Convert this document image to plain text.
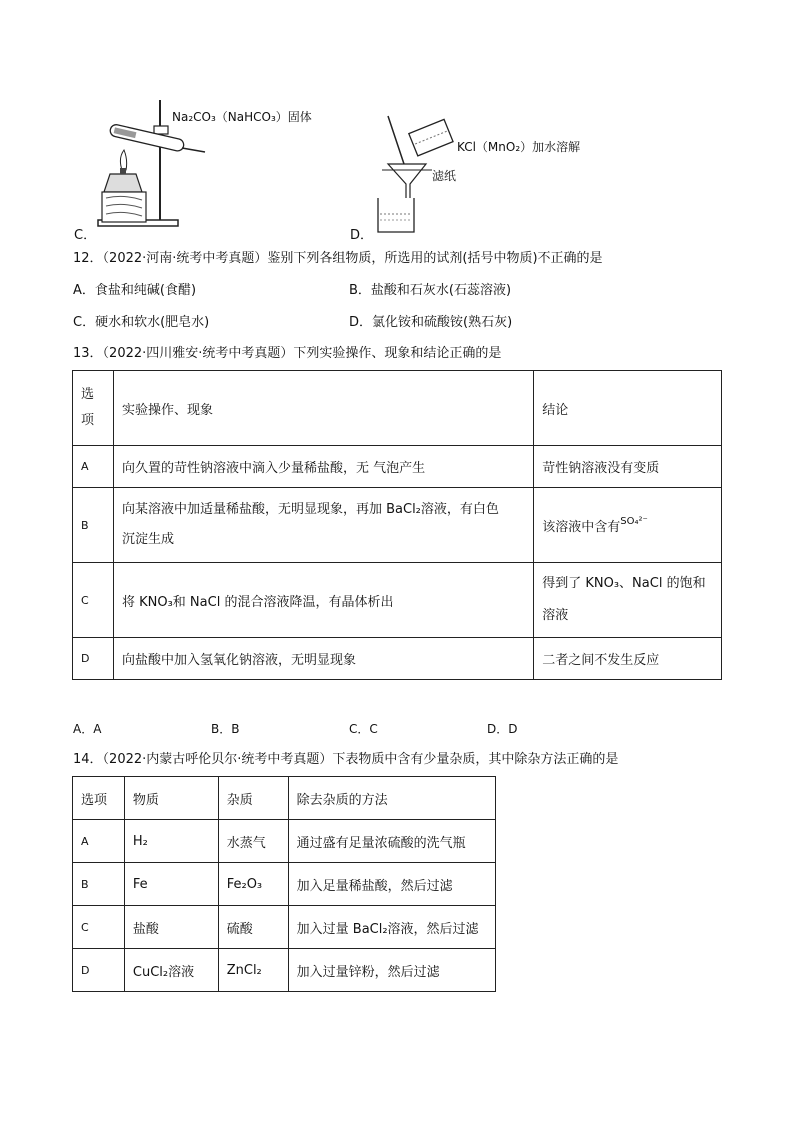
Na₂CO₃（NaHCO₃）固体
C．
KCl（MnO₂）加水溶解
滤纸
D．
12．（2022·河南·统考中考真题）鉴别下列各组物质，所选用的试剂(括号中物质)不正确的是
A．食盐和纯碱(食醋)	B．盐酸和石灰水(石蕊溶液)
C．硬水和软水(肥皂水)	D．氯化铵和硫酸铵(熟石灰)
13．（2022·四川雅安·统考中考真题）下列实验操作、现象和结论正确的是
选
项	实验操作、现象	结论
A	向久置的苛性钠溶液中滴入少量稀盐酸，无 气泡产生	苛性钠溶液没有变质
B	向某溶液中加适量稀盐酸，无明显现象，再加 BaCl₂溶液，有白色
沉淀生成	该溶液中含有$^{SO_4^{2-}}$
C	将 KNO₃和 NaCl 的混合溶液降温，有晶体析出	得到了 KNO₃、NaCl 的饱和
溶液

D	向盐酸中加入氢氧化钠溶液，无明显现象	二者之间不发生反应
A．A	B．B	C．C	D．D
14．（2022·内蒙古呼伦贝尔·统考中考真题）下表物质中含有少量杂质，其中除杂方法正确的是
选项	物质	杂质	除去杂质的方法
A	H₂	水蒸气	通过盛有足量浓硫酸的洗气瓶
B	Fe	Fe₂O₃	加入足量稀盐酸，然后过滤
C	盐酸	硫酸	加入过量 BaCl₂溶液，然后过滤
D	CuCl₂溶液	ZnCl₂	加入过量锌粉，然后过滤
